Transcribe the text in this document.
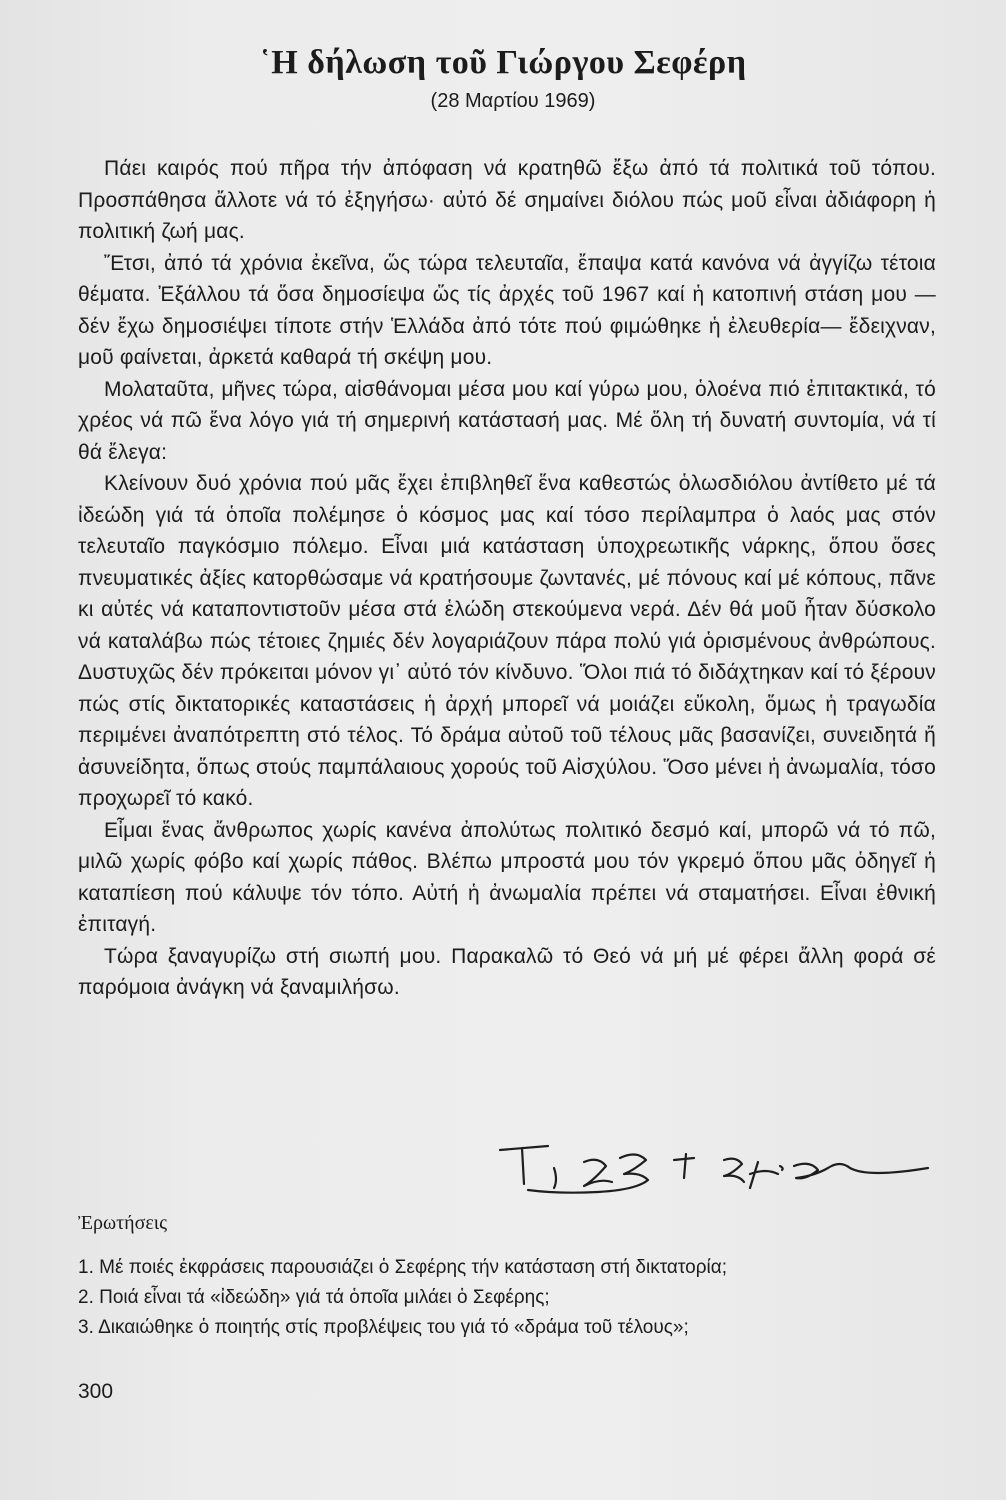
῾Η δήλωση τοῦ Γιώργου Σεφέρη
(28 Μαρτίου 1969)

Πάει καιρός πού πῆρα τήν ἀπόφαση νά κρατηθῶ ἔξω ἀπό τά πολιτικά τοῦ τόπου. Προσπάθησα ἄλλοτε νά τό ἐξηγήσω· αὐτό δέ σημαίνει διόλου πώς μοῦ εἶναι ἀδιάφορη ἡ πολιτική ζωή μας.

Ἔτσι, ἀπό τά χρόνια ἐκεῖνα, ὥς τώρα τελευταῖα, ἔπαψα κατά κανόνα νά ἀγγίζω τέτοια θέματα. Ἐξάλλου τά ὅσα δημοσίεψα ὥς τίς ἀρχές τοῦ 1967 καί ἡ κατοπινή στάση μου —δέν ἔχω δημοσιέψει τίποτε στήν Ἑλλάδα ἀπό τότε πού φιμώθηκε ἡ ἐλευθερία— ἔδειχναν, μοῦ φαίνεται, ἀρκετά καθαρά τή σκέψη μου.

Μολαταῦτα, μῆνες τώρα, αἰσθάνομαι μέσα μου καί γύρω μου, ὁλοένα πιό ἐπιτακτικά, τό χρέος νά πῶ ἕνα λόγο γιά τή σημερινή κατάστασή μας. Μέ ὅλη τή δυνατή συντομία, νά τί θά ἔλεγα:

Κλείνουν δυό χρόνια πού μᾶς ἔχει ἐπιβληθεῖ ἕνα καθεστώς ὁλωσδιόλου ἀντίθετο μέ τά ἰδεώδη γιά τά ὁποῖα πολέμησε ὁ κόσμος μας καί τόσο περίλαμπρα ὁ λαός μας στόν τελευταῖο παγκόσμιο πόλεμο. Εἶναι μιά κατάσταση ὑποχρεωτικῆς νάρκης, ὅπου ὅσες πνευματικές ἀξίες κατορθώσαμε νά κρατήσουμε ζωντανές, μέ πόνους καί μέ κόπους, πᾶνε κι αὐτές νά καταποντιστοῦν μέσα στά ἑλώδη στεκούμενα νερά. Δέν θά μοῦ ἦταν δύσκολο νά καταλάβω πώς τέτοιες ζημιές δέν λογαριάζουν πάρα πολύ γιά ὁρισμένους ἀνθρώπους. Δυστυχῶς δέν πρόκειται μόνον γι᾿ αὐτό τόν κίνδυνο. Ὅλοι πιά τό διδάχτηκαν καί τό ξέρουν πώς στίς δικτατορικές καταστάσεις ἡ ἀρχή μπορεῖ νά μοιάζει εὔκολη, ὅμως ἡ τραγωδία περιμένει ἀναπότρεπτη στό τέλος. Τό δράμα αὐτοῦ τοῦ τέλους μᾶς βασανίζει, συνειδητά ἤ ἀσυνείδητα, ὅπως στούς παμπάλαιους χορούς τοῦ Αἰσχύλου. Ὅσο μένει ἡ ἀνωμαλία, τόσο προχωρεῖ τό κακό.

Εἶμαι ἕνας ἄνθρωπος χωρίς κανένα ἀπολύτως πολιτικό δεσμό καί, μπορῶ νά τό πῶ, μιλῶ χωρίς φόβο καί χωρίς πάθος. Βλέπω μπροστά μου τόν γκρεμό ὅπου μᾶς ὁδηγεῖ ἡ καταπίεση πού κάλυψε τόν τόπο. Αὐτή ἡ ἀνωμαλία πρέπει νά σταματήσει. Εἶναι ἐθνική ἐπιταγή.

Τώρα ξαναγυρίζω στή σιωπή μου. Παρακαλῶ τό Θεό νά μή μέ φέρει ἄλλη φορά σέ παρόμοια ἀνάγκη νά ξαναμιλήσω.

Ἐρωτήσεις
1. Μέ ποιές ἐκφράσεις παρουσιάζει ὁ Σεφέρης τήν κατάσταση στή δικτατορία;
2. Ποιά εἶναι τά «ἰδεώδη» γιά τά ὁποῖα μιλάει ὁ Σεφέρης;
3. Δικαιώθηκε ὁ ποιητής στίς προβλέψεις του γιά τό «δράμα τοῦ τέλους»;
300
